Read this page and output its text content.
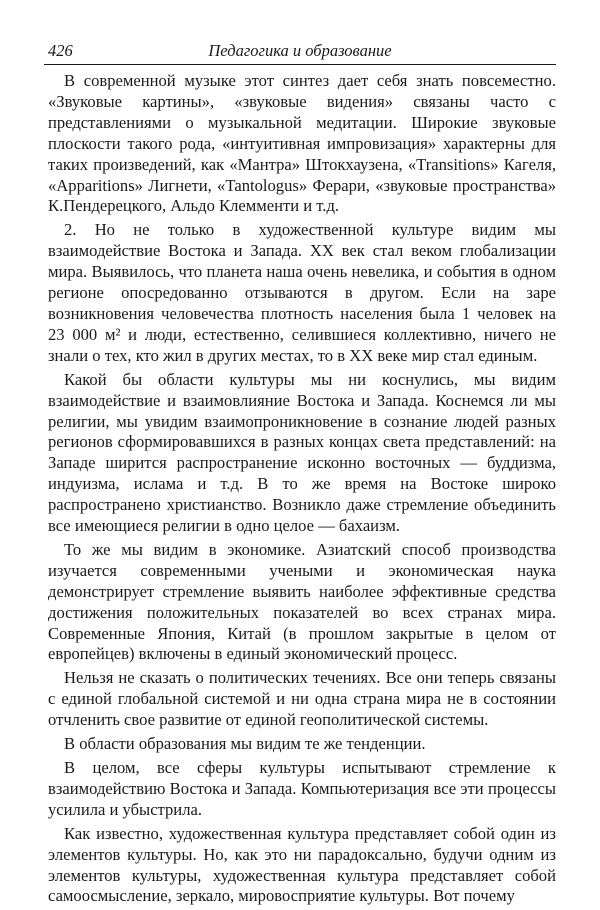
426	Педагогика и образование

В современной музыке этот синтез дает себя знать повсеместно. «Звуковые картины», «звуковые видения» связаны часто с представлениями о музыкальной медитации. Широкие звуковые плоскости такого рода, «интуитивная импровизация» характерны для таких произведений, как «Мантра» Штокхаузена, «Transitions» Кагеля, «Apparitions» Лигнети, «Tantologus» Ферари, «звуковые пространства» К.Пендерецкого, Альдо Клемменти и т.д.

2. Но не только в художественной культуре видим мы взаимодействие Востока и Запада. XX век стал веком глобализации мира. Выявилось, что планета наша очень невелика, и события в одном регионе опосредованно отзываются в другом. Если на заре возникновения человечества плотность населения была 1 человек на 23 000 м² и люди, естественно, селившиеся коллективно, ничего не знали о тех, кто жил в других местах, то в XX веке мир стал единым.

Какой бы области культуры мы ни коснулись, мы видим взаимодействие и взаимовлияние Востока и Запада. Коснемся ли мы религии, мы увидим взаимопроникновение в сознание людей разных регионов сформировавшихся в разных концах света представлений: на Западе ширится распространение исконно восточных — буддизма, индуизма, ислама и т.д. В то же время на Востоке широко распространено христианство. Возникло даже стремление объединить все имеющиеся религии в одно целое — бахаизм.

То же мы видим в экономике. Азиатский способ производства изучается современными учеными и экономическая наука демонстрирует стремление выявить наиболее эффективные средства достижения положительных показателей во всех странах мира. Современные Япония, Китай (в прошлом закрытые в целом от европейцев) включены в единый экономический процесс.

Нельзя не сказать о политических течениях. Все они теперь связаны с единой глобальной системой и ни одна страна мира не в состоянии отчленить свое развитие от единой геополитической системы.

В области образования мы видим те же тенденции.

В целом, все сферы культуры испытывают стремление к взаимодействию Востока и Запада. Компьютеризация все эти процессы усилила и убыстрила.

Как известно, художественная культура представляет собой один из элементов культуры. Но, как это ни парадоксально, будучи одним из элементов культуры, художественная культура представляет собой самоосмысление, зеркало, мировосприятие культуры. Вот почему
